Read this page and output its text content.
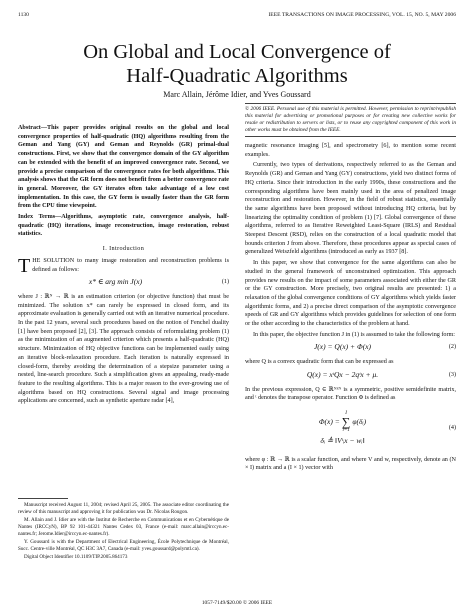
1130	IEEE TRANSACTIONS ON IMAGE PROCESSING, VOL. 15, NO. 5, MAY 2006
On Global and Local Convergence of
Half-Quadratic Algorithms
Marc Allain, Jérôme Idier, and Yves Goussard

Abstract—This paper provides original results on the global and local convergence properties of half-quadratic (HQ) algorithms resulting from the Geman and Yang (GY) and Geman and Reynolds (GR) primal-dual constructions. First, we show that the convergence domain of the GY algorithm can be extended with the benefit of an improved convergence rate. Second, we provide a precise comparison of the convergence rates for both algorithms. This analysis shows that the GR form does not benefit from a better convergence rate in general. Moreover, the GY iterates often take advantage of a low cost implementation. In this case, the GY form is usually faster than the GR form from the CPU time viewpoint.

Index Terms—Algorithms, asymptotic rate, convergence analysis, half-quadratic (HQ) iterations, image reconstruction, image restoration, robust statistics.

I. Introduction

T HE SOLUTION to many image restoration and reconstruction problems is defined as follows:

x* ∈ arg min J(x)	(1)

where J : ℝᴺ → ℝ is an estimation criterion (or objective function) that must be minimized. The solution x* can rarely be expressed in closed form, and its approximate evaluation is generally carried out with an iterative numerical procedure. In the past 12 years, several such procedures based on the notion of Fenchel duality [1] have been proposed [2], [3]. The approach consists of reformulating problem (1) as the minimization of an augmented criterion which presents a half-quadratic (HQ) structure. Minimization of HQ objective functions can be implemented easily using an iterative block-relaxation procedure. Each iteration is naturally expressed in closed-form, thereby avoiding the determination of a stepsize parameter using a nested, line-search procedure. Such a simplification gives an appealing, ready-made feature to the resulting algorithms. This is a major reason to the ever-growing use of algorithms based on HQ constructions. Several signal and image processing applications are concerned, such as synthetic aperture radar [4],

© 2006 IEEE. Personal use of this material is permitted. However, permission to reprint/republish this material for advertising or promotional purposes or for creating new collective works for resale or redistribution to servers or lists, or to reuse any copyrighted component of this work in other works must be obtained from the IEEE.

magnetic resonance imaging [5], and spectrometry [6], to mention some recent examples.

Currently, two types of derivations, respectively referred to as the Geman and Reynolds (GR) and Geman and Yang (GY) constructions, yield two distinct forms of HQ criteria. Since their introduction in the early 1990s, these constructions and the corresponding algorithms have been mainly used in the area of penalized image reconstruction and restoration. However, in the field of robust statistics, essentially the same algorithms have been proposed without introducing HQ criteria, but by linearizing the optimality condition of problem (1) [7]. Global convergence of these algorithms, referred to as Iterative Reweighted Least-Square (IRLS) and Residual Steepest Descent (RSD), relies on the construction of a local quadratic model that bounds criterion J from above. Therefore, these procedures appear as special cases of generalized Weiszfeld algorithms (introduced as early as 1937 [8].

In this paper, we show that convergence for the same algorithms can also be studied in the general framework of unconstrained optimization. This approach provides new results on the impact of some parameters associated with either the GR or the GY construction. More precisely, two original results are presented: 1) a relaxation of the global convergence conditions of GY algorithms which yields faster algorithmic forms, and 2) a precise direct comparison of the asymptotic convergence speeds of GR and GY algorithms which provides guidelines for selection of one form or the other according to the characteristics of the problem at hand.

In this paper, the objective function J in (1) is assumed to take the following form:

J(x) = Q(x) + Φ(x)	(2)

where Q is a convex quadratic form that can be expressed as

Q(x) = xᵗQx − 2qᵗx + μ.	(3)

In the previous expression, Q ∈ ℝᴺˣᴺ is a symmetric, positive semidefinite matrix, and ᵗ denotes the transpose operator. Function Φ is defined as

Φ(x) =
I
∑
i=1
φ(δᵢ)
δᵢ ≜ ‖Vᵗᵢx − wᵢ‖
(4)

where φ : ℝ → ℝ is a scalar function, and where V and w, respectively, denote an (N × I) matrix and a (I × 1) vector with

Manuscript received August 11, 2004; revised April 25, 2005. The associate editor coordinating the review of this manuscript and approving it for publication was Dr. Nicolas Rougon.

M. Allain and J. Idier are with the Institut de Recherche en Communications et en Cybernétique de Nantes (IRCCyN), BP 92 101-44321 Nantes Cedex 03, France (e-mail: marc.allain@irccyn.ec-nantes.fr; Jerome.Idier@irccyn.ec-nantes.fr).

Y. Goussard is with the Department of Electrical Engineering, École Polytechnique de Montréal, Succ. Centre-ville Montréal, QC H3C 3A7, Canada (e-mail: yves.goussard@polymtl.ca).

Digital Object Identifier 10.1109/TIP.2005.864173

1057-7149/$20.00 © 2006 IEEE
